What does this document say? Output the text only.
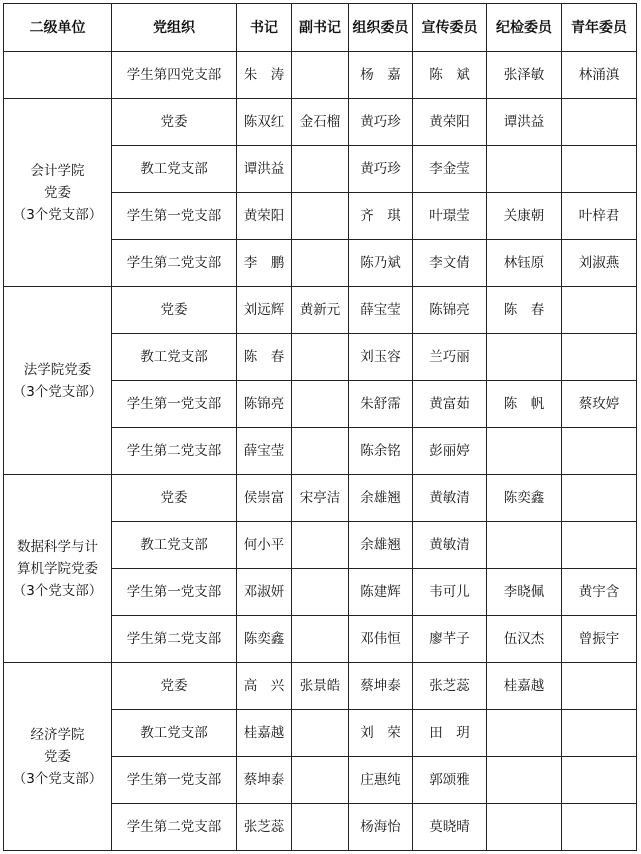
二级单位	党组织	书记	副书记	组织委员	宣传委员	纪检委员	青年委员
	学生第四党支部	朱　涛		杨　嘉	陈　斌	张泽敏	林涌滇

会计学院
党委
（3个党支部）	党委	陈双红	金石榴	黄巧珍	黄荣阳	谭洪益	
	教工党支部	谭洪益		黄巧珍	李金莹		
	学生第一党支部	黄荣阳		齐　琪	叶璟莹	关康朝	叶梓君
	学生第二党支部	李　鹏		陈乃斌	李文倩	林钰原	刘淑燕

法学院党委
（3个党支部）	党委	刘远辉	黄新元	薛宝莹	陈锦亮	陈　春	
	教工党支部	陈　春		刘玉容	兰巧丽		
	学生第一党支部	陈锦亮		朱舒霈	黄富茹	陈　帆	蔡玫婷
	学生第二党支部	薛宝莹		陈余铭	彭丽婷		

数据科学与计
算机学院党委
（3个党支部）	党委	侯崇富	宋亭洁	余雄翘	黄敏清	陈奕鑫	
	教工党支部	何小平		余雄翘	黄敏清		
	学生第一党支部	邓淑妍		陈建辉	韦可儿	李晓佩	黄宇含
	学生第二党支部	陈奕鑫		邓伟恒	廖芊子	伍汉杰	曾振宇

经济学院
党委
（3个党支部）	党委	高　兴	张景皓	蔡坤泰	张芝蕊	桂嘉越	
	教工党支部	桂嘉越		刘　荣	田　玥		
	学生第一党支部	蔡坤泰		庄惠纯	郭颂雅		
	学生第二党支部	张芝蕊		杨海怡	莫晓晴		
